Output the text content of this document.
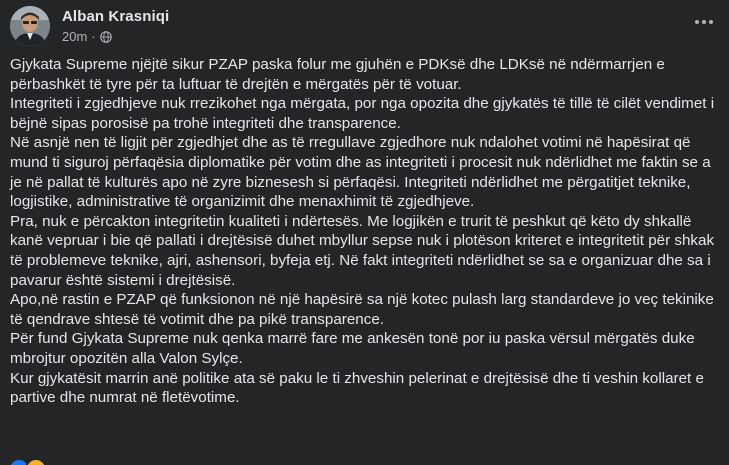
Alban Krasniqi
20m ·

Gjykata Supreme njëjtë sikur PZAP paska folur me gjuhën e PDKsë dhe LDKsë në ndërmarrjen e përbashkët të tyre për ta luftuar të drejtën e mërgatës për të votuar.

Integriteti i zgjedhjeve nuk rrezikohet nga mërgata, por nga opozita dhe gjykatës të tillë të cilët vendimet i bëjnë sipas porosisë pa trohë integriteti dhe transparence.

Në asnjë nen të ligjit për zgjedhjet dhe as të rregullave zgjedhore nuk ndalohet votimi në hapësirat që mund ti siguroj përfaqësia diplomatike për votim dhe as integriteti i procesit nuk ndërlidhet me faktin se a je në pallat të kulturës apo në zyre biznesesh si përfaqësi. Integriteti ndërlidhet me përgatitjet teknike, logjistike, administrative të organizimit dhe menaxhimit të zgjedhjeve.

Pra, nuk e përcakton integritetin kualiteti i ndërtesës. Me logjikën e trurit të peshkut që këto dy shkallë kanë vepruar i bie që pallati i drejtësisë duhet mbyllur sepse nuk i plotëson kriteret e integritetit për shkak të problemeve teknike, ajri, ashensori, byfeja etj. Në fakt integriteti ndërlidhet se sa e organizuar dhe sa i pavarur është sistemi i drejtësisë.

Apo,në rastin e PZAP që funksionon në një hapësirë sa një kotec pulash larg standardeve jo veç tekinike të qendrave shtesë të votimit dhe pa pikë transparence.

Për fund Gjykata Supreme nuk qenka marrë fare me ankesën tonë por iu paska vërsul mërgatës duke mbrojtur opozitën alla Valon Sylçe.

Kur gjykatësit marrin anë politike ata së paku le ti zhveshin pelerinat e drejtësisë dhe ti veshin kollaret e partive dhe numrat në fletëvotime.
